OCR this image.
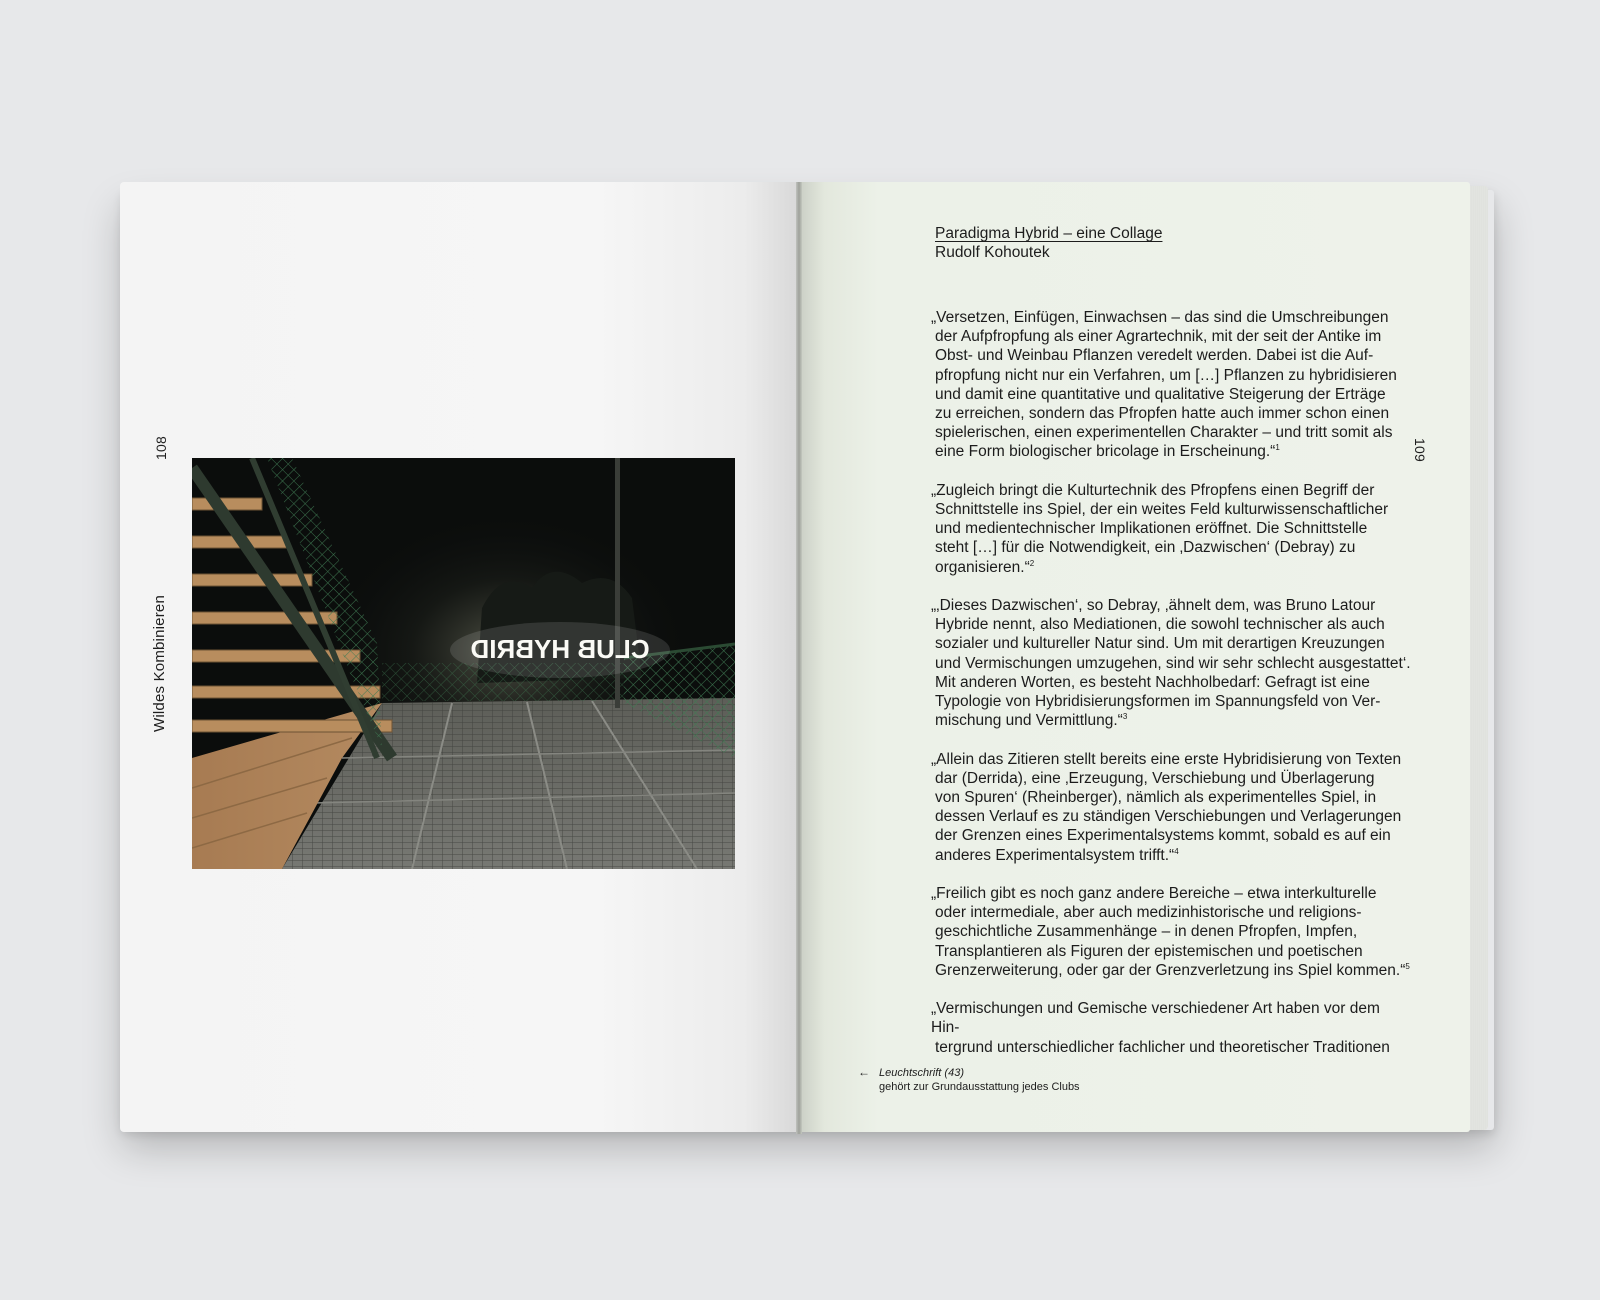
Wildes Kombinieren
108	109
CLUB HYBRID
Paradigma Hybrid – eine Collage
Rudolf Kohoutek
„Versetzen, Einfügen, Einwachsen – das sind die Umschreibungen
der Aufpfropfung als einer Agrartechnik, mit der seit der Antike im
Obst- und Weinbau Pflanzen veredelt werden. Dabei ist die Auf-
pfropfung nicht nur ein Verfahren, um […] Pflanzen zu hybridisieren
und damit eine quantitative und qualitative Steigerung der Erträge
zu erreichen, sondern das Pfropfen hatte auch immer schon einen
spielerischen, einen experimentellen Charakter – und tritt somit als
eine Form biologischer bricolage in Erscheinung.“$^1$
„Zugleich bringt die Kulturtechnik des Pfropfens einen Begriff der
Schnittstelle ins Spiel, der ein weites Feld kulturwissenschaftlicher
und medientechnischer Implikationen eröffnet. Die Schnittstelle
steht […] für die Notwendigkeit, ein ‚Dazwischen‘ (Debray) zu
organisieren.“$^2$
„‚Dieses Dazwischen‘, so Debray, ‚ähnelt dem, was Bruno Latour
Hybride nennt, also Mediationen, die sowohl technischer als auch
sozialer und kultureller Natur sind. Um mit derartigen Kreuzungen
und Vermischungen umzugehen, sind wir sehr schlecht ausgestattet‘.
Mit anderen Worten, es besteht Nachholbedarf: Gefragt ist eine
Typologie von Hybridisierungsformen im Spannungsfeld von Ver-
mischung und Vermittlung.“$^3$
„Allein das Zitieren stellt bereits eine erste Hybridisierung von Texten
dar (Derrida), eine ‚Erzeugung, Verschiebung und Überlagerung
von Spuren‘ (Rheinberger), nämlich als experimentelles Spiel, in
dessen Verlauf es zu ständigen Verschiebungen und Verlagerungen
der Grenzen eines Experimentalsystems kommt, sobald es auf ein
anderes Experimentalsystem trifft.“$^4$
„Freilich gibt es noch ganz andere Bereiche – etwa interkulturelle
oder intermediale, aber auch medizinhistorische und religions-
geschichtliche Zusammenhänge – in denen Pfropfen, Impfen,
Transplantieren als Figuren der epistemischen und poetischen
Grenzerweiterung, oder gar der Grenzverletzung ins Spiel kommen.“$^5$
„Vermischungen und Gemische verschiedener Art haben vor dem Hin-
tergrund unterschiedlicher fachlicher und theoretischer Traditionen
← Leuchtschrift (43)
gehört zur Grundausstattung jedes Clubs
